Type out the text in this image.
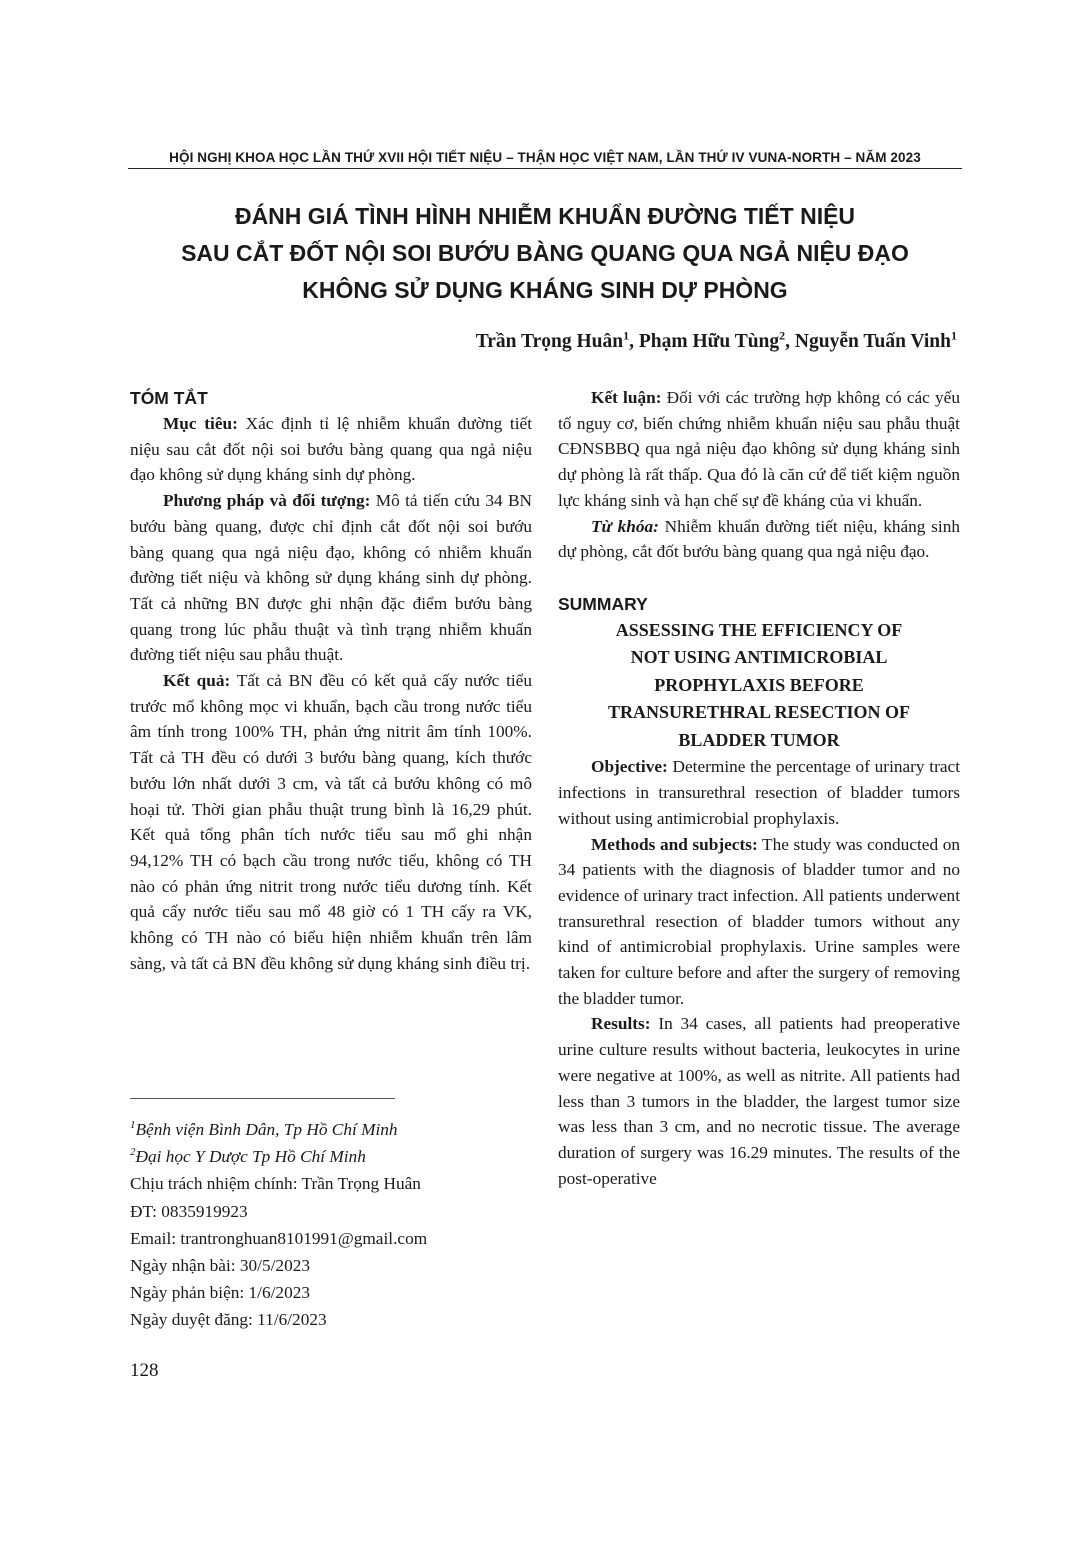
HỘI NGHỊ KHOA HỌC LẦN THỨ XVII HỘI TIẾT NIỆU – THẬN HỌC VIỆT NAM, LẦN THỨ IV VUNA-NORTH – NĂM 2023
ĐÁNH GIÁ TÌNH HÌNH NHIỄM KHUẨN ĐƯỜNG TIẾT NIỆU
SAU CẮT ĐỐT NỘI SOI BƯỚU BÀNG QUANG QUA NGẢ NIỆU ĐẠO
KHÔNG SỬ DỤNG KHÁNG SINH DỰ PHÒNG
Trần Trọng Huân$^1$, Phạm Hữu Tùng$^2$, Nguyễn Tuấn Vinh$^1$
TÓM TẮT

Mục tiêu: Xác định tỉ lệ nhiễm khuẩn đường tiết niệu sau cắt đốt nội soi bướu bàng quang qua ngả niệu đạo không sử dụng kháng sinh dự phòng.

Phương pháp và đối tượng: Mô tả tiến cứu 34 BN bướu bàng quang, được chỉ định cắt đốt nội soi bướu bàng quang qua ngả niệu đạo, không có nhiễm khuẩn đường tiết niệu và không sử dụng kháng sinh dự phòng. Tất cả những BN được ghi nhận đặc điểm bướu bàng quang trong lúc phẫu thuật và tình trạng nhiễm khuẩn đường tiết niệu sau phẫu thuật.

Kết quả: Tất cả BN đều có kết quả cấy nước tiểu trước mổ không mọc vi khuẩn, bạch cầu trong nước tiểu âm tính trong 100% TH, phản ứng nitrit âm tính 100%. Tất cả TH đều có dưới 3 bướu bàng quang, kích thước bướu lớn nhất dưới 3 cm, và tất cả bướu không có mô hoại tử. Thời gian phẫu thuật trung bình là 16,29 phút. Kết quả tổng phân tích nước tiểu sau mổ ghi nhận 94,12% TH có bạch cầu trong nước tiểu, không có TH nào có phản ứng nitrit trong nước tiểu dương tính. Kết quả cấy nước tiểu sau mổ 48 giờ có 1 TH cấy ra VK, không có TH nào có biểu hiện nhiễm khuẩn trên lâm sàng, và tất cả BN đều không sử dụng kháng sinh điều trị.

$^1$Bệnh viện Bình Dân, Tp Hồ Chí Minh
$^2$Đại học Y Dược Tp Hồ Chí Minh
Chịu trách nhiệm chính: Trần Trọng Huân
ĐT: 0835919923
Email: trantronghuan8101991@gmail.com
Ngày nhận bài: 30/5/2023
Ngày phản biện: 1/6/2023
Ngày duyệt đăng: 11/6/2023

Kết luận: Đối với các trường hợp không có các yếu tố nguy cơ, biến chứng nhiễm khuẩn niệu sau phẫu thuật CĐNSBBQ qua ngả niệu đạo không sử dụng kháng sinh dự phòng là rất thấp. Qua đó là căn cứ để tiết kiệm nguồn lực kháng sinh và hạn chế sự đề kháng của vi khuẩn.

Từ khóa: Nhiễm khuẩn đường tiết niệu, kháng sinh dự phòng, cắt đốt bướu bàng quang qua ngả niệu đạo.

SUMMARY
ASSESSING THE EFFICIENCY OF
NOT USING ANTIMICROBIAL
PROPHYLAXIS BEFORE
TRANSURETHRAL RESECTION OF
BLADDER TUMOR

Objective: Determine the percentage of urinary tract infections in transurethral resection of bladder tumors without using antimicrobial prophylaxis.

Methods and subjects: The study was conducted on 34 patients with the diagnosis of bladder tumor and no evidence of urinary tract infection. All patients underwent transurethral resection of bladder tumors without any kind of antimicrobial prophylaxis. Urine samples were taken for culture before and after the surgery of removing the bladder tumor.

Results: In 34 cases, all patients had preoperative urine culture results without bacteria, leukocytes in urine were negative at 100%, as well as nitrite. All patients had less than 3 tumors in the bladder, the largest tumor size was less than 3 cm, and no necrotic tissue. The average duration of surgery was 16.29 minutes. The results of the post-operative

128
